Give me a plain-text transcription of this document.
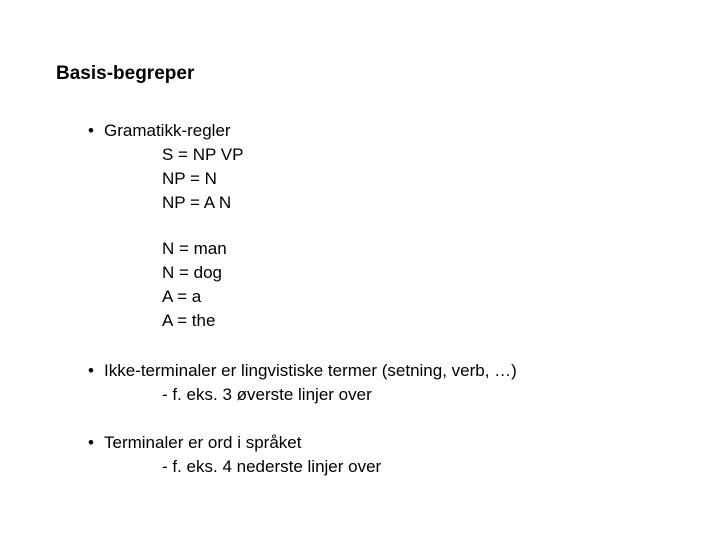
Basis-begreper
• Gramatikk-regler
S = NP VP
NP = N
NP = A N
N = man
N = dog
A = a
A = the
• Ikke-terminaler er lingvistiske termer (setning, verb, …)
- f. eks. 3 øverste linjer over
• Terminaler er ord i språket
- f. eks. 4 nederste linjer over
